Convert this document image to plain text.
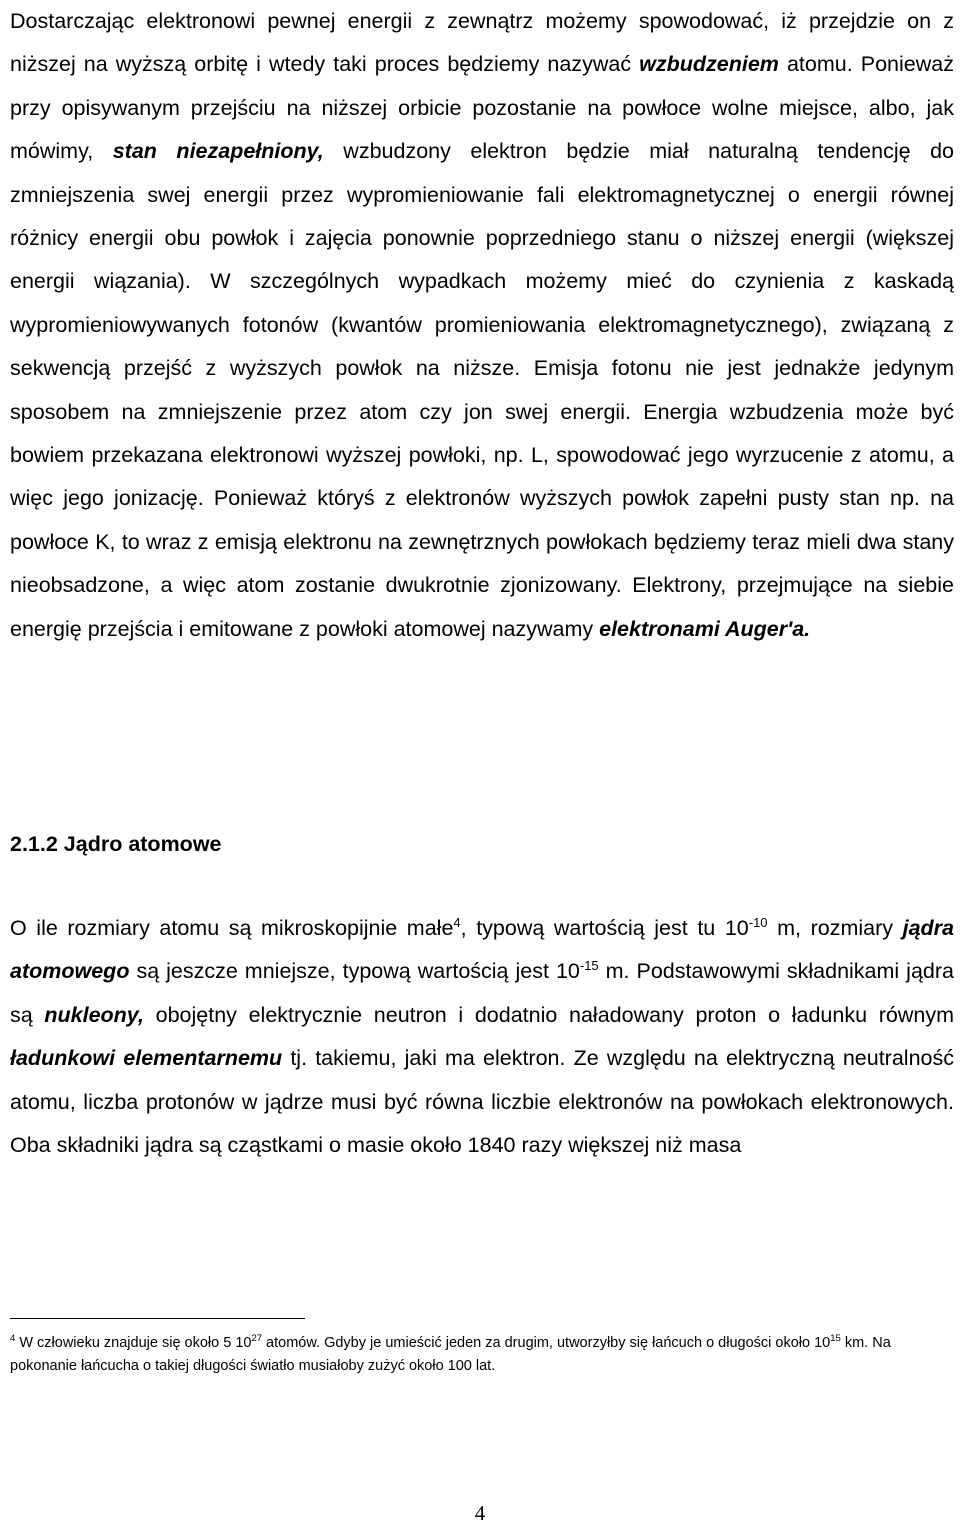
Dostarczając elektronowi pewnej energii z zewnątrz możemy spowodować, iż przejdzie on z niższej na wyższą orbitę i wtedy taki proces będziemy nazywać wzbudzeniem atomu. Ponieważ przy opisywanym przejściu na niższej orbicie pozostanie na powłoce wolne miejsce, albo, jak mówimy, stan niezapełniony, wzbudzony elektron będzie miał naturalną tendencję do zmniejszenia swej energii przez wypromieniowanie fali elektromagnetycznej o energii równej różnicy energii obu powłok i zajęcia ponownie poprzedniego stanu o niższej energii (większej energii wiązania). W szczególnych wypadkach możemy mieć do czynienia z kaskadą wypromieniowywanych fotonów (kwantów promieniowania elektromagnetycznego), związaną z sekwencją przejść z wyższych powłok na niższe. Emisja fotonu nie jest jednakże jedynym sposobem na zmniejszenie przez atom czy jon swej energii. Energia wzbudzenia może być bowiem przekazana elektronowi wyższej powłoki, np. L, spowodować jego wyrzucenie z atomu, a więc jego jonizację. Ponieważ któryś z elektronów wyższych powłok zapełni pusty stan np. na powłoce K, to wraz z emisją elektronu na zewnętrznych powłokach będziemy teraz mieli dwa stany nieobsadzone, a więc atom zostanie dwukrotnie zjonizowany. Elektrony, przejmujące na siebie energię przejścia i emitowane z powłoki atomowej nazywamy elektronami Auger'a.

2.1.2 Jądro atomowe

O ile rozmiary atomu są mikroskopijnie małe$^4$, typową wartością jest tu $10^{-10}$ m, rozmiary jądra atomowego są jeszcze mniejsze, typową wartością jest $10^{-15}$ m. Podstawowymi składnikami jądra są nukleony, obojętny elektrycznie neutron i dodatnio naładowany proton o ładunku równym ładunkowi elementarnemu tj. takiemu, jaki ma elektron. Ze względu na elektryczną neutralność atomu, liczba protonów w jądrze musi być równa liczbie elektronów na powłokach elektronowych. Oba składniki jądra są cząstkami o masie około 1840 razy większej niż masa

$^4$ W człowieku znajduje się około 5 $10^{27}$ atomów. Gdyby je umieścić jeden za drugim, utworzyłby się łańcuch o długości około $10^{15}$ km. Na pokonanie łańcucha o takiej długości światło musiałoby zużyć około 100 lat.

4
